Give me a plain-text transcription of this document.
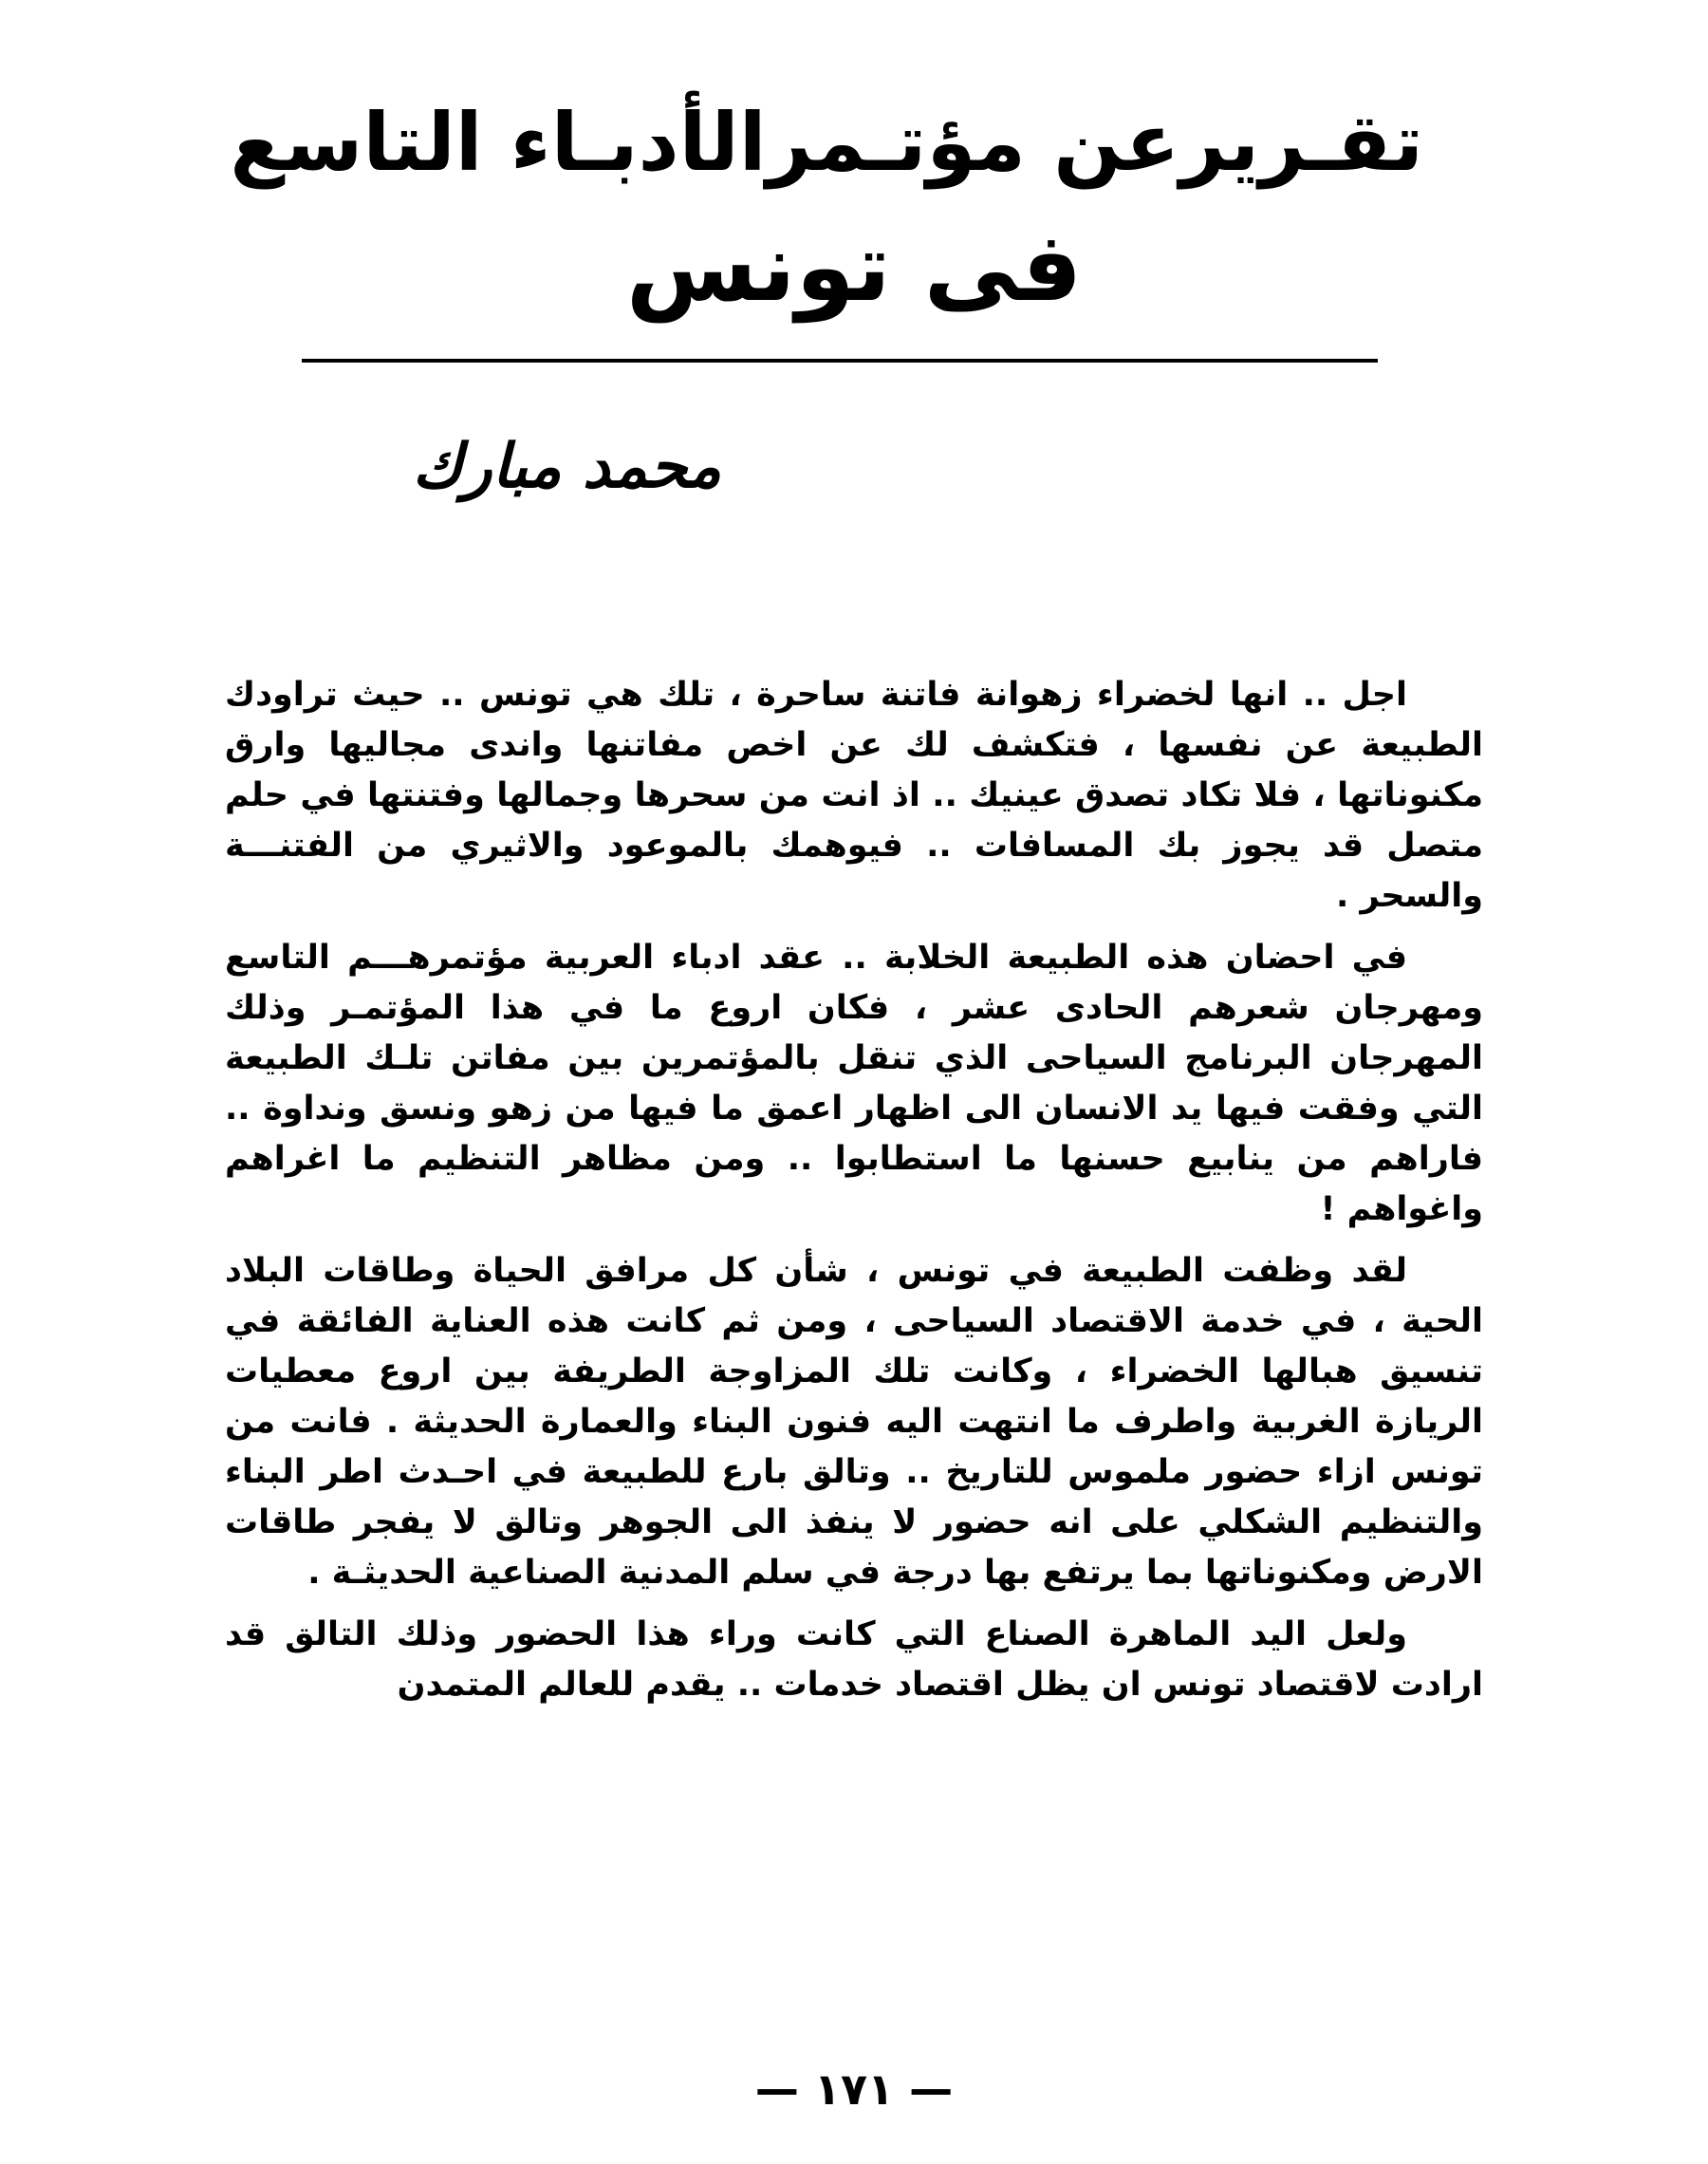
تقـريرعن مؤتـمرالأدبـاء التاسع
فى تونس
محمد مبارك

اجل .. انها لخضراء زهوانة فاتنة ساحرة ، تلك هي تونس .. حيث تراودك الطبيعة عن نفسها ، فتكشف لك عن اخص مفاتنها واندى مجاليها وارق مكنوناتها ، فلا تكاد تصدق عينيك .. اذ انت من سحرها وجمالها وفتنتها في حلم متصل قد يجوز بك المسافات .. فيوهمك بالموعود والاثيري من الفتنـــة والسحر .

في احضان هذه الطبيعة الخلابة .. عقد ادباء العربية مؤتمرهـــم التاسع ومهرجان شعرهم الحادى عشر ، فكان اروع ما في هذا المؤتمـر وذلك المهرجان البرنامج السياحى الذي تنقل بالمؤتمرين بين مفاتن تلـك الطبيعة التي وفقت فيها يد الانسان الى اظهار اعمق ما فيها من زهو ونسق ونداوة .. فاراهم من ينابيع حسنها ما استطابوا .. ومن مظاهر التنظيم ما اغراهم واغواهم !

لقد وظفت الطبيعة في تونس ، شأن كل مرافق الحياة وطاقات البلاد الحية ، في خدمة الاقتصاد السياحى ، ومن ثم كانت هذه العناية الفائقة في تنسيق هبالها الخضراء ، وكانت تلك المزاوجة الطريفة بين اروع معطيات الريازة الغربية واطرف ما انتهت اليه فنون البناء والعمارة الحديثة . فانت من تونس ازاء حضور ملموس للتاريخ .. وتالق بارع للطبيعة في احـدث اطر البناء والتنظيم الشكلي على انه حضور لا ينفذ الى الجوهر وتالق لا يفجر طاقات الارض ومكنوناتها بما يرتفع بها درجة في سلم المدنية الصناعية الحديثـة .

ولعل اليد الماهرة الصناع التي كانت وراء هذا الحضور وذلك التالق قد ارادت لاقتصاد تونس ان يظل اقتصاد خدمات .. يقدم للعالم المتمدن

— ١٧١ —
